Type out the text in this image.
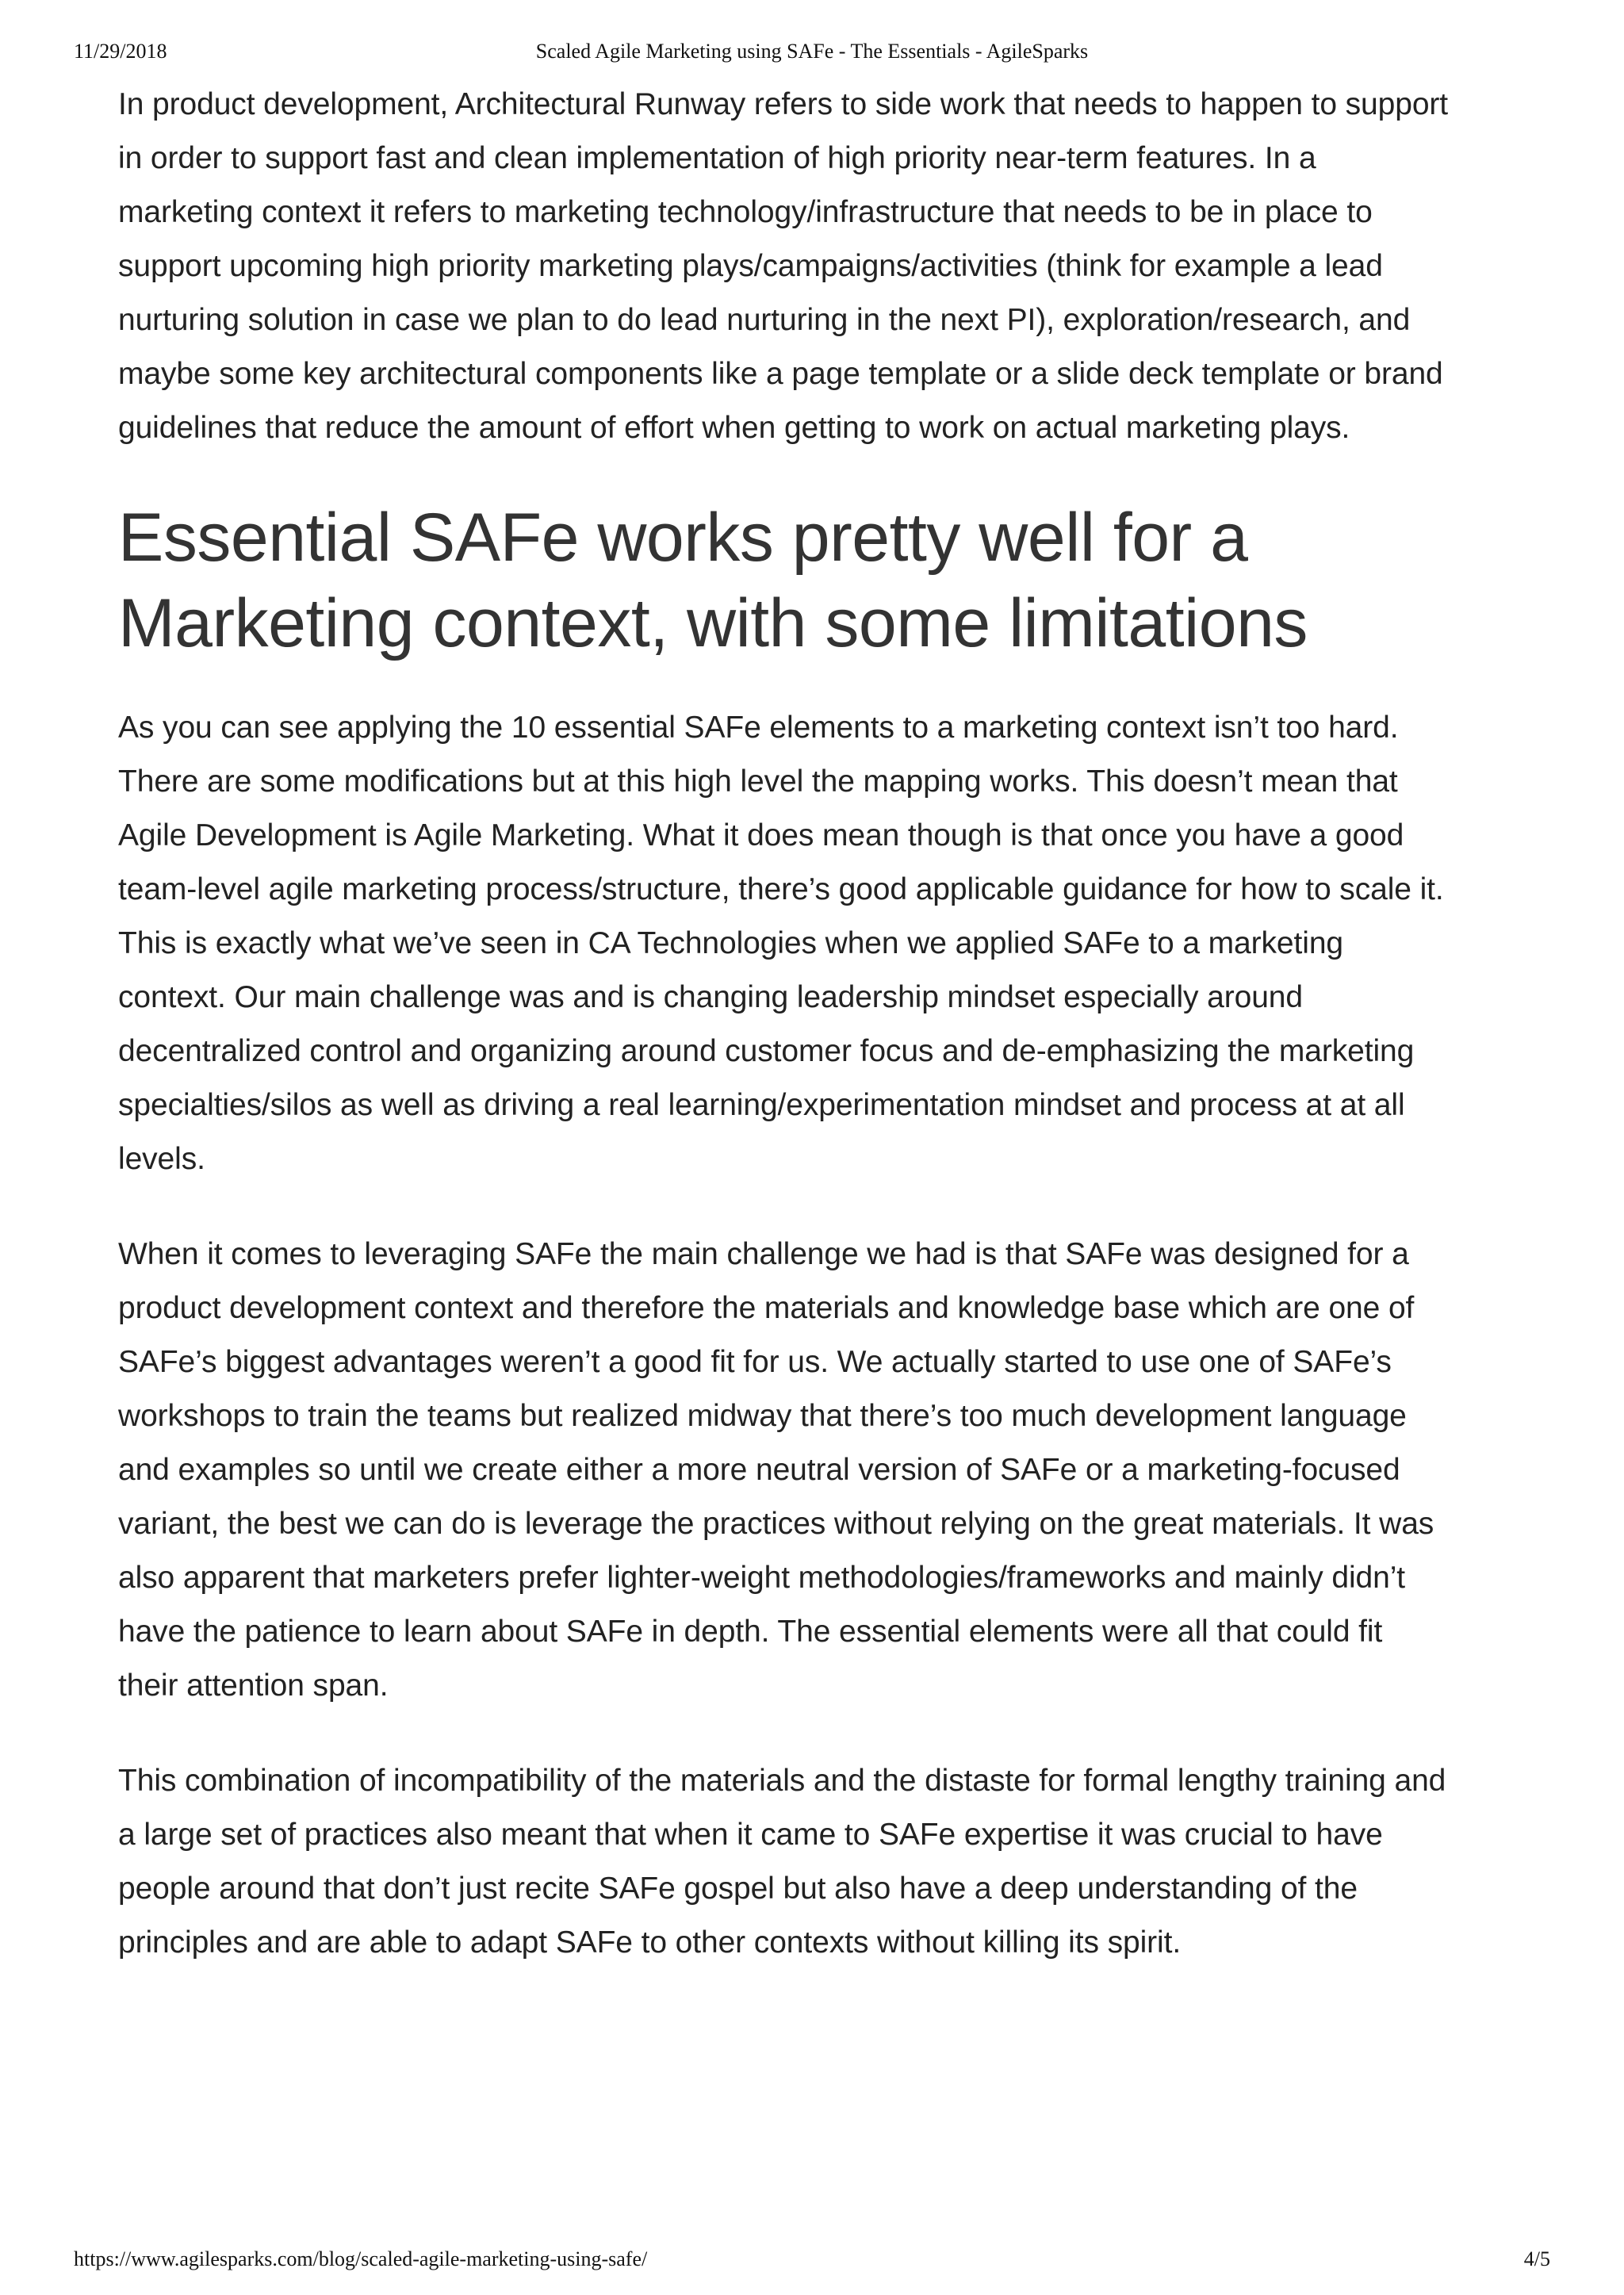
11/29/2018	Scaled Agile Marketing using SAFe - The Essentials - AgileSparks

In product development, Architectural Runway refers to side work that needs to happen to support in order to support fast and clean implementation of high priority near-term features. In a marketing context it refers to marketing technology/infrastructure that needs to be in place to support upcoming high priority marketing plays/campaigns/activities (think for example a lead nurturing solution in case we plan to do lead nurturing in the next PI), exploration/research, and maybe some key architectural components like a page template or a slide deck template or brand guidelines that reduce the amount of effort when getting to work on actual marketing plays.

Essential SAFe works pretty well for a Marketing context, with some limitations

As you can see applying the 10 essential SAFe elements to a marketing context isn’t too hard. There are some modifications but at this high level the mapping works. This doesn’t mean that Agile Development is Agile Marketing. What it does mean though is that once you have a good team-level agile marketing process/structure, there’s good applicable guidance for how to scale it. This is exactly what we’ve seen in CA Technologies when we applied SAFe to a marketing context. Our main challenge was and is changing leadership mindset especially around decentralized control and organizing around customer focus and de-emphasizing the marketing specialties/silos as well as driving a real learning/experimentation mindset and process at at all levels.

When it comes to leveraging SAFe the main challenge we had is that SAFe was designed for a product development context and therefore the materials and knowledge base which are one of SAFe’s biggest advantages weren’t a good fit for us. We actually started to use one of SAFe’s workshops to train the teams but realized midway that there’s too much development language and examples so until we create either a more neutral version of SAFe or a marketing-focused variant, the best we can do is leverage the practices without relying on the great materials. It was also apparent that marketers prefer lighter-weight methodologies/frameworks and mainly didn’t have the patience to learn about SAFe in depth. The essential elements were all that could fit their attention span.

This combination of incompatibility of the materials and the distaste for formal lengthy training and a large set of practices also meant that when it came to SAFe expertise it was crucial to have people around that don’t just recite SAFe gospel but also have a deep understanding of the principles and are able to adapt SAFe to other contexts without killing its spirit.

https://www.agilesparks.com/blog/scaled-agile-marketing-using-safe/	4/5
